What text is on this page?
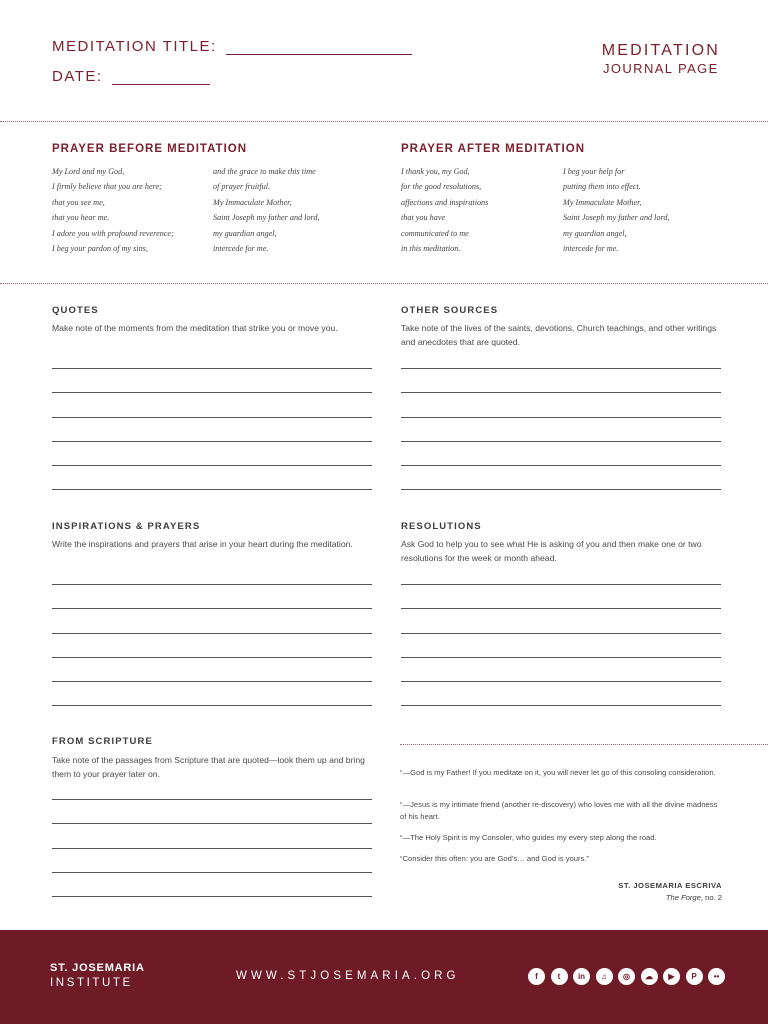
MEDITATION TITLE:
DATE:
MEDITATION
JOURNAL PAGE
PRAYER BEFORE MEDITATION
My Lord and my God,
I firmly believe that you are here;
that you see me,
that you hear me.
I adore you with profound reverence;
I beg your pardon of my sins,
and the grace to make this time
of prayer fruitful.
My Immaculate Mother,
Saint Joseph my father and lord,
my guardian angel,
intercede for me.
PRAYER AFTER MEDITATION
I thank you, my God,
for the good resolutions,
affections and inspirations
that you have
communicated to me
in this meditation.
I beg your help for
putting them into effect.
My Immaculate Mother,
Saint Joseph my father and lord,
my guardian angel,
intercede for me.
QUOTES
Make note of the moments from the meditation that strike you or move you.
OTHER SOURCES
Take note of the lives of the saints, devotions, Church teachings, and other writings and anecdotes that are quoted.
INSPIRATIONS & PRAYERS
Write the inspirations and prayers that arise in your heart during the meditation.
RESOLUTIONS
Ask God to help you to see what He is asking of you and then make one or two resolutions for the week or month ahead.
FROM SCRIPTURE
Take note of the passages from Scripture that are quoted—look them up and bring them to your prayer later on.	“—God is my Father! If you meditate on it, you will never let go of this consoling consideration.
“—Jesus is my intimate friend (another re-discovery) who loves me with all the divine madness of his heart.
“—The Holy Spirit is my Consoler, who guides my every step along the road.
“Consider this often: you are God’s… and God is yours.”
ST. JOSEMARIA ESCRIVA
The Forge, no. 2
ST. JOSEMARIA
INSTITUTE
WWW.STJOSEMARIA.ORG	f	t	in	♫	◎	☁	▶	P	••
